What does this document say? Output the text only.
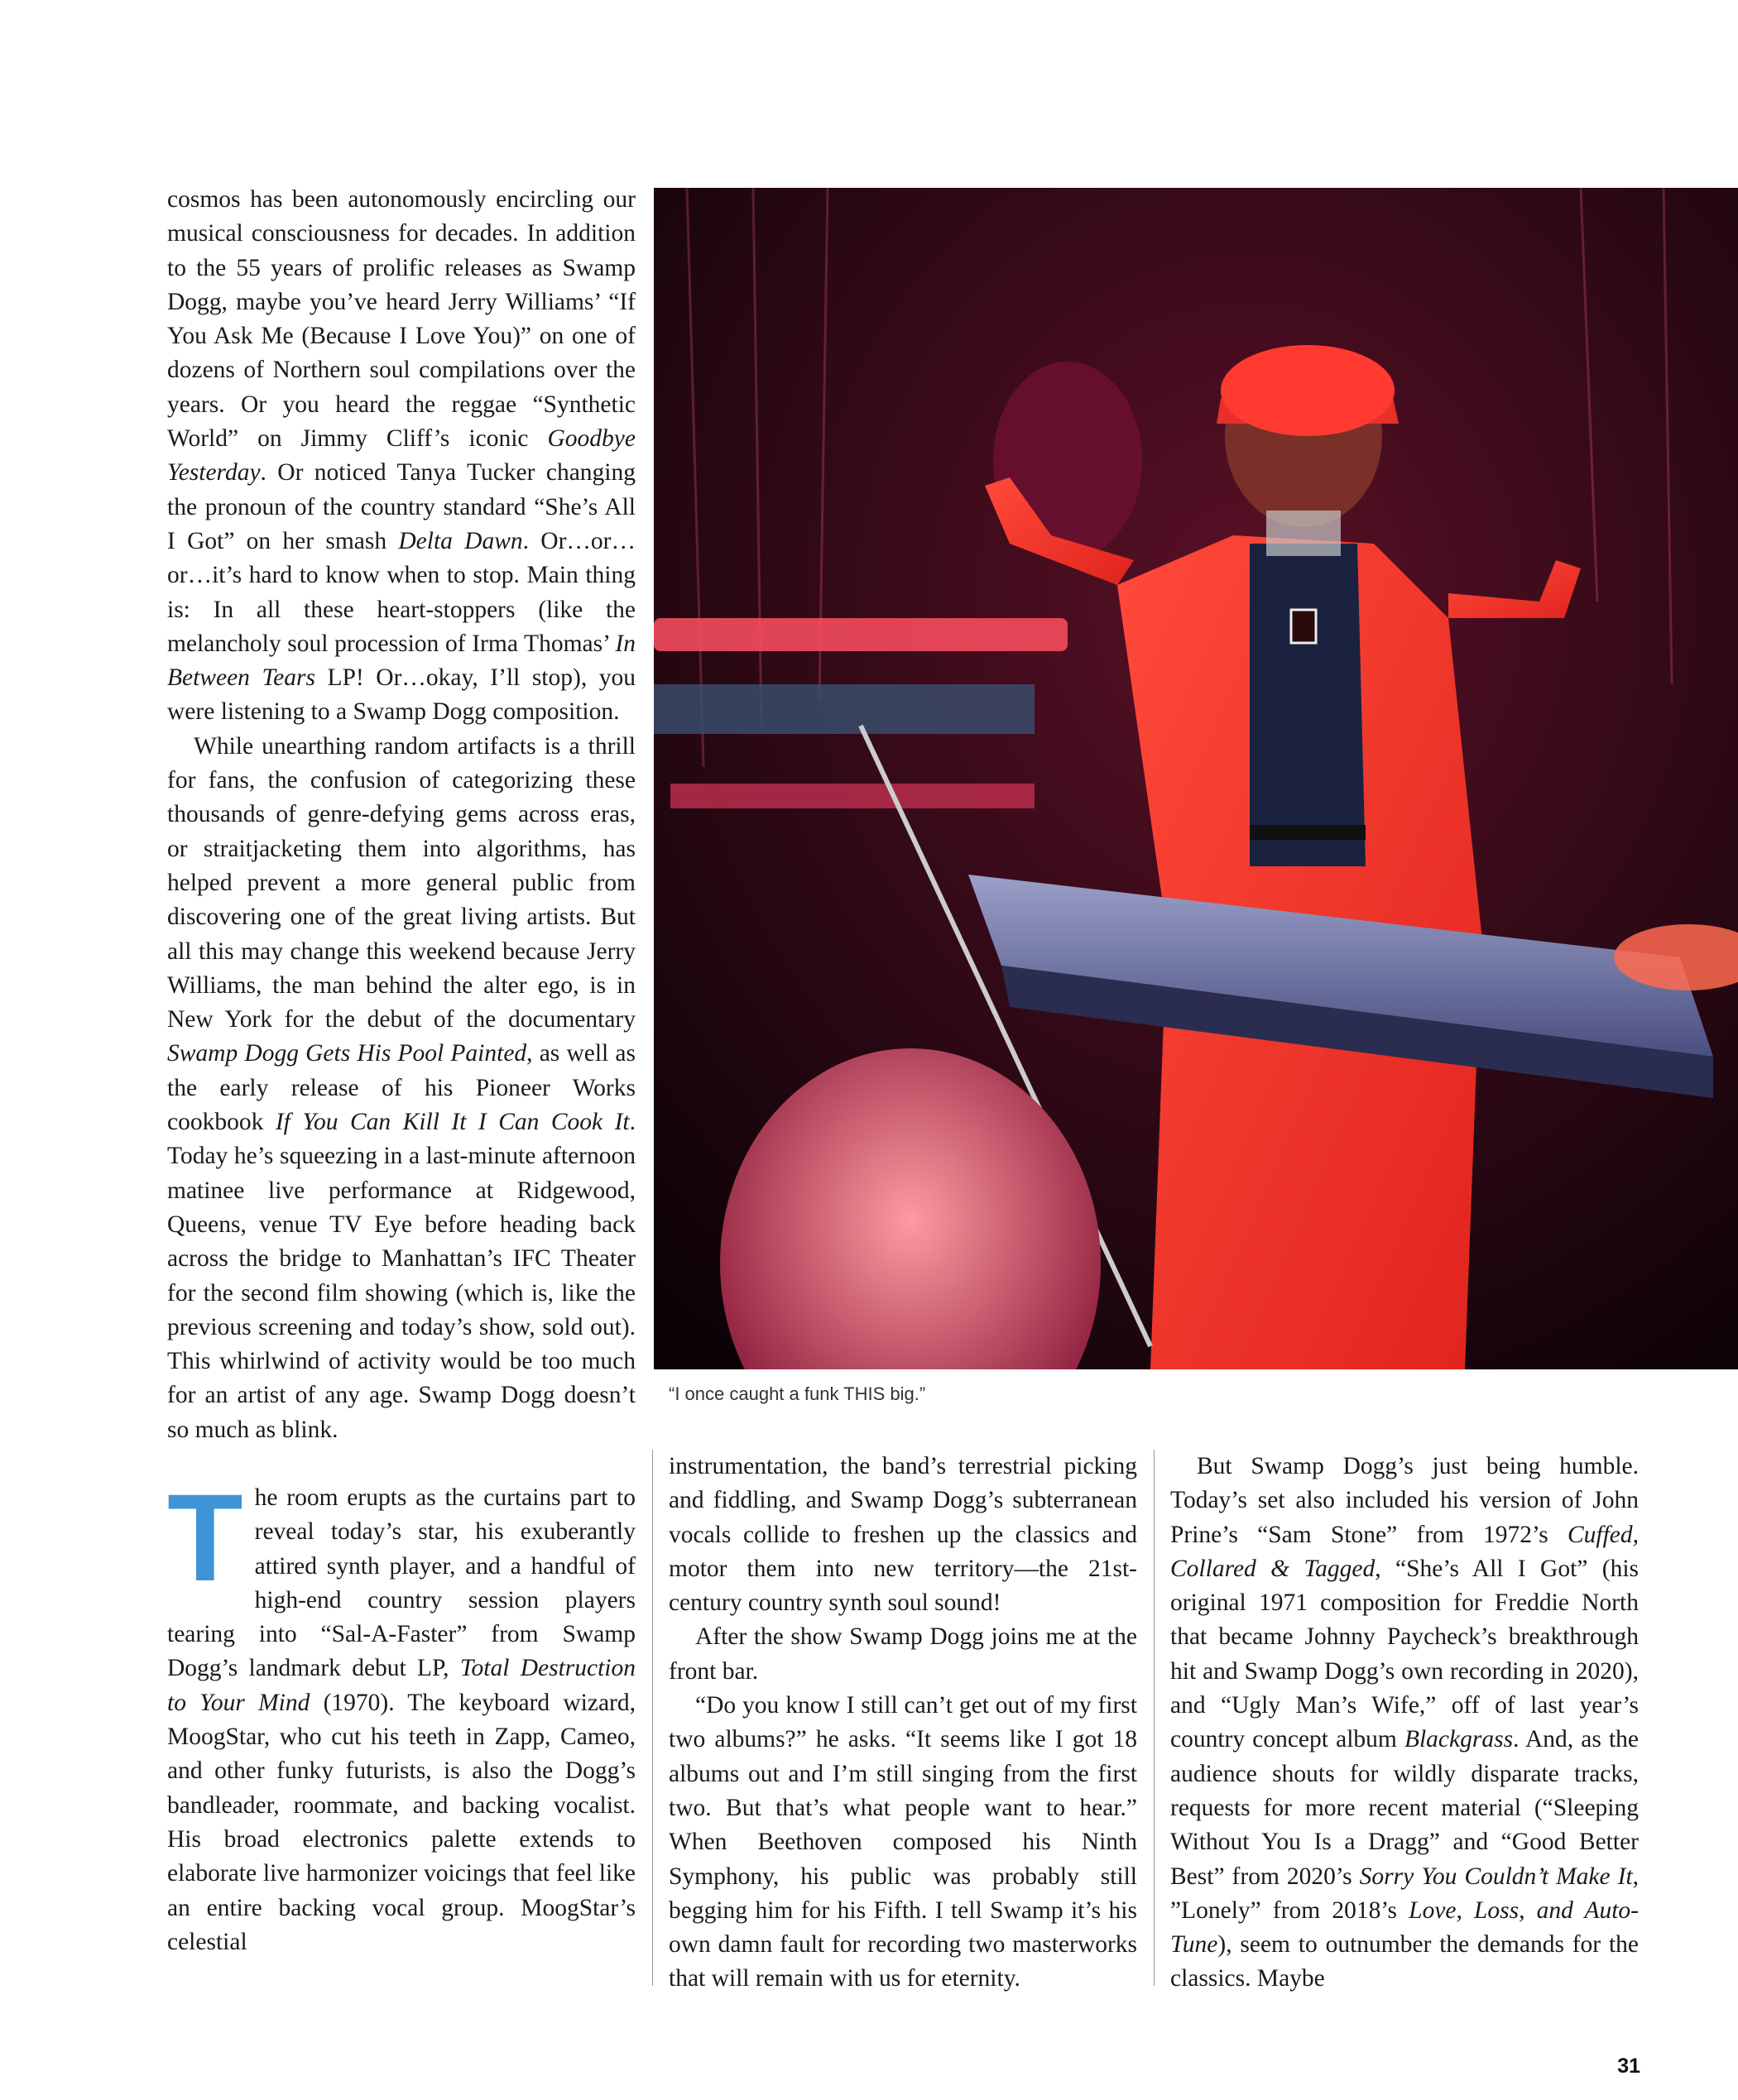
cosmos has been autonomously encircling our musical consciousness for decades. In addition to the 55 years of prolific releases as Swamp Dogg, maybe you’ve heard Jerry Williams’ “If You Ask Me (Because I Love You)” on one of dozens of Northern soul compilations over the years. Or you heard the reggae “Synthetic World” on Jimmy Cliff’s iconic Goodbye Yesterday. Or noticed Tanya Tucker changing the pronoun of the country standard “She’s All I Got” on her smash Delta Dawn. Or…or…or…it’s hard to know when to stop. Main thing is: In all these heart-stoppers (like the melancholy soul procession of Irma Thomas’ In Between Tears LP! Or…okay, I’ll stop), you were listening to a Swamp Dogg composition.

While unearthing random artifacts is a thrill for fans, the confusion of categorizing these thousands of genre-defying gems across eras, or straitjacketing them into algorithms, has helped prevent a more general public from discovering one of the great living artists. But all this may change this weekend because Jerry Williams, the man behind the alter ego, is in New York for the debut of the documentary Swamp Dogg Gets His Pool Painted, as well as the early release of his Pioneer Works cookbook If You Can Kill It I Can Cook It. Today he’s squeezing in a last-minute afternoon matinee live performance at Ridgewood, Queens, venue TV Eye before heading back across the bridge to Manhattan’s IFC Theater for the second film showing (which is, like the previous screening and today’s show, sold out). This whirlwind of activity would be too much for an artist of any age. Swamp Dogg doesn’t so much as blink.

The room erupts as the curtains part to reveal today’s star, his exuberantly attired synth player, and a handful of high-end country session players tearing into “Sal-A-Faster” from Swamp Dogg’s landmark debut LP, Total Destruction to Your Mind (1970). The keyboard wizard, MoogStar, who cut his teeth in Zapp, Cameo, and other funky futurists, is also the Dogg’s bandleader, roommate, and backing vocalist. His broad electronics palette extends to elaborate live harmonizer voicings that feel like an entire backing vocal group. MoogStar’s celestial

“I once caught a funk THIS big.”

instrumentation, the band’s terrestrial picking and fiddling, and Swamp Dogg’s subterranean vocals collide to freshen up the classics and motor them into new territory—the 21st-century country synth soul sound!

After the show Swamp Dogg joins me at the front bar.

“Do you know I still can’t get out of my first two albums?” he asks. “It seems like I got 18 albums out and I’m still singing from the first two. But that’s what people want to hear.” When Beethoven composed his Ninth Symphony, his public was probably still begging him for his Fifth. I tell Swamp it’s his own damn fault for recording two masterworks that will remain with us for eternity.

But Swamp Dogg’s just being humble. Today’s set also included his version of John Prine’s “Sam Stone” from 1972’s Cuffed, Collared & Tagged, “She’s All I Got” (his original 1971 composition for Freddie North that became Johnny Paycheck’s breakthrough hit and Swamp Dogg’s own recording in 2020), and “Ugly Man’s Wife,” off of last year’s country concept album Blackgrass. And, as the audience shouts for wildly disparate tracks, requests for more recent material (“Sleeping Without You Is a Dragg” and “Good Better Best” from 2020’s Sorry You Couldn’t Make It, ”Lonely” from 2018’s Love, Loss, and Auto-Tune), seem to outnumber the demands for the classics. Maybe

31
